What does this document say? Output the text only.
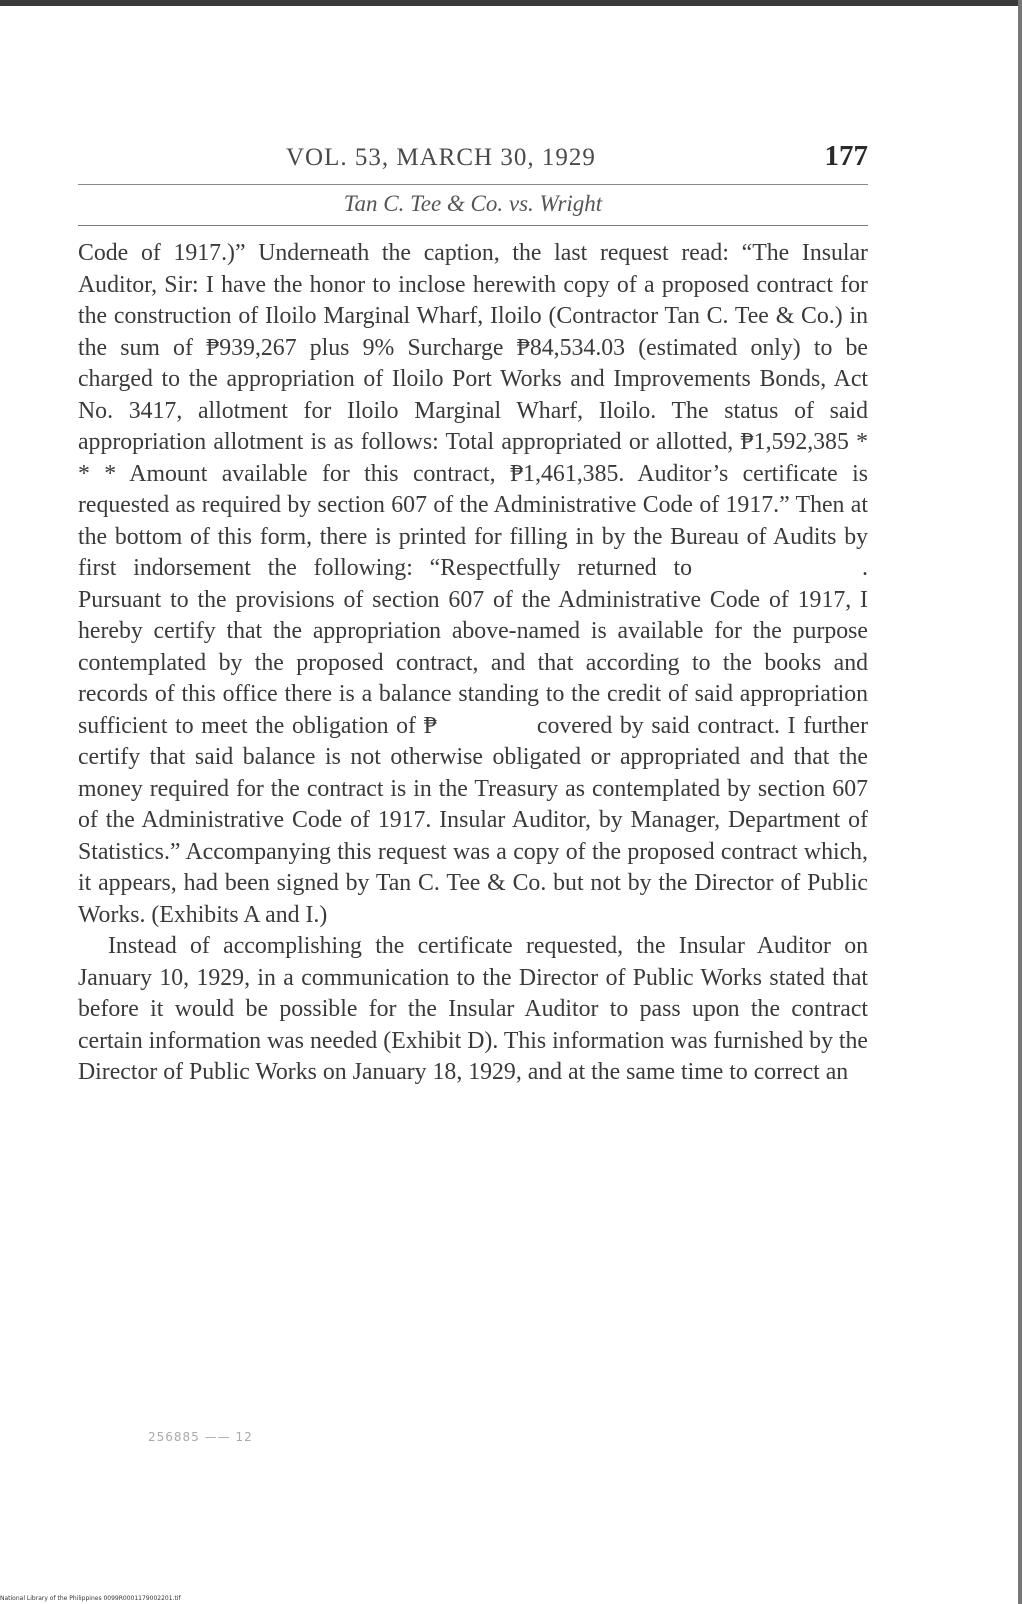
VOL. 53, MARCH 30, 1929	177
Tan C. Tee & Co. vs. Wright

Code of 1917.)” Underneath the caption, the last request read: “The Insular Auditor, Sir: I have the honor to inclose herewith copy of a proposed contract for the construction of Iloilo Marginal Wharf, Iloilo (Contractor Tan C. Tee & Co.) in the sum of ₱939,267 plus 9% Surcharge ₱84,534.03 (estimated only) to be charged to the appropriation of Iloilo Port Works and Improvements Bonds, Act No. 3417, allotment for Iloilo Marginal Wharf, Iloilo. The status of said appropriation allotment is as follows: Total appropriated or allotted, ₱1,592,385 * * * Amount available for this contract, ₱1,461,385. Auditor’s certificate is requested as required by section 607 of the Administrative Code of 1917.” Then at the bottom of this form, there is printed for filling in by the Bureau of Audits by first indorsement the following: “Respectfully returned to	. Pursuant to the provisions of section 607 of the Administrative Code of 1917, I hereby certify that the appropriation above-named is available for the purpose contemplated by the proposed contract, and that according to the books and records of this office there is a balance standing to the credit of said appropriation sufficient to meet the obligation of ₱	covered by said contract. I further certify that said balance is not otherwise obligated or appropriated and that the money required for the contract is in the Treasury as contemplated by section 607 of the Administrative Code of 1917. Insular Auditor, by Manager, Department of Statistics.” Accompanying this request was a copy of the proposed contract which, it appears, had been signed by Tan C. Tee & Co. but not by the Director of Public Works. (Exhibits A and I.)

Instead of accomplishing the certificate requested, the Insular Auditor on January 10, 1929, in a communication to the Director of Public Works stated that before it would be possible for the Insular Auditor to pass upon the contract certain information was needed (Exhibit D). This information was furnished by the Director of Public Works on January 18, 1929, and at the same time to correct an

256885 —— 12
National Library of the Philippines 0099R0001179002201.tif
